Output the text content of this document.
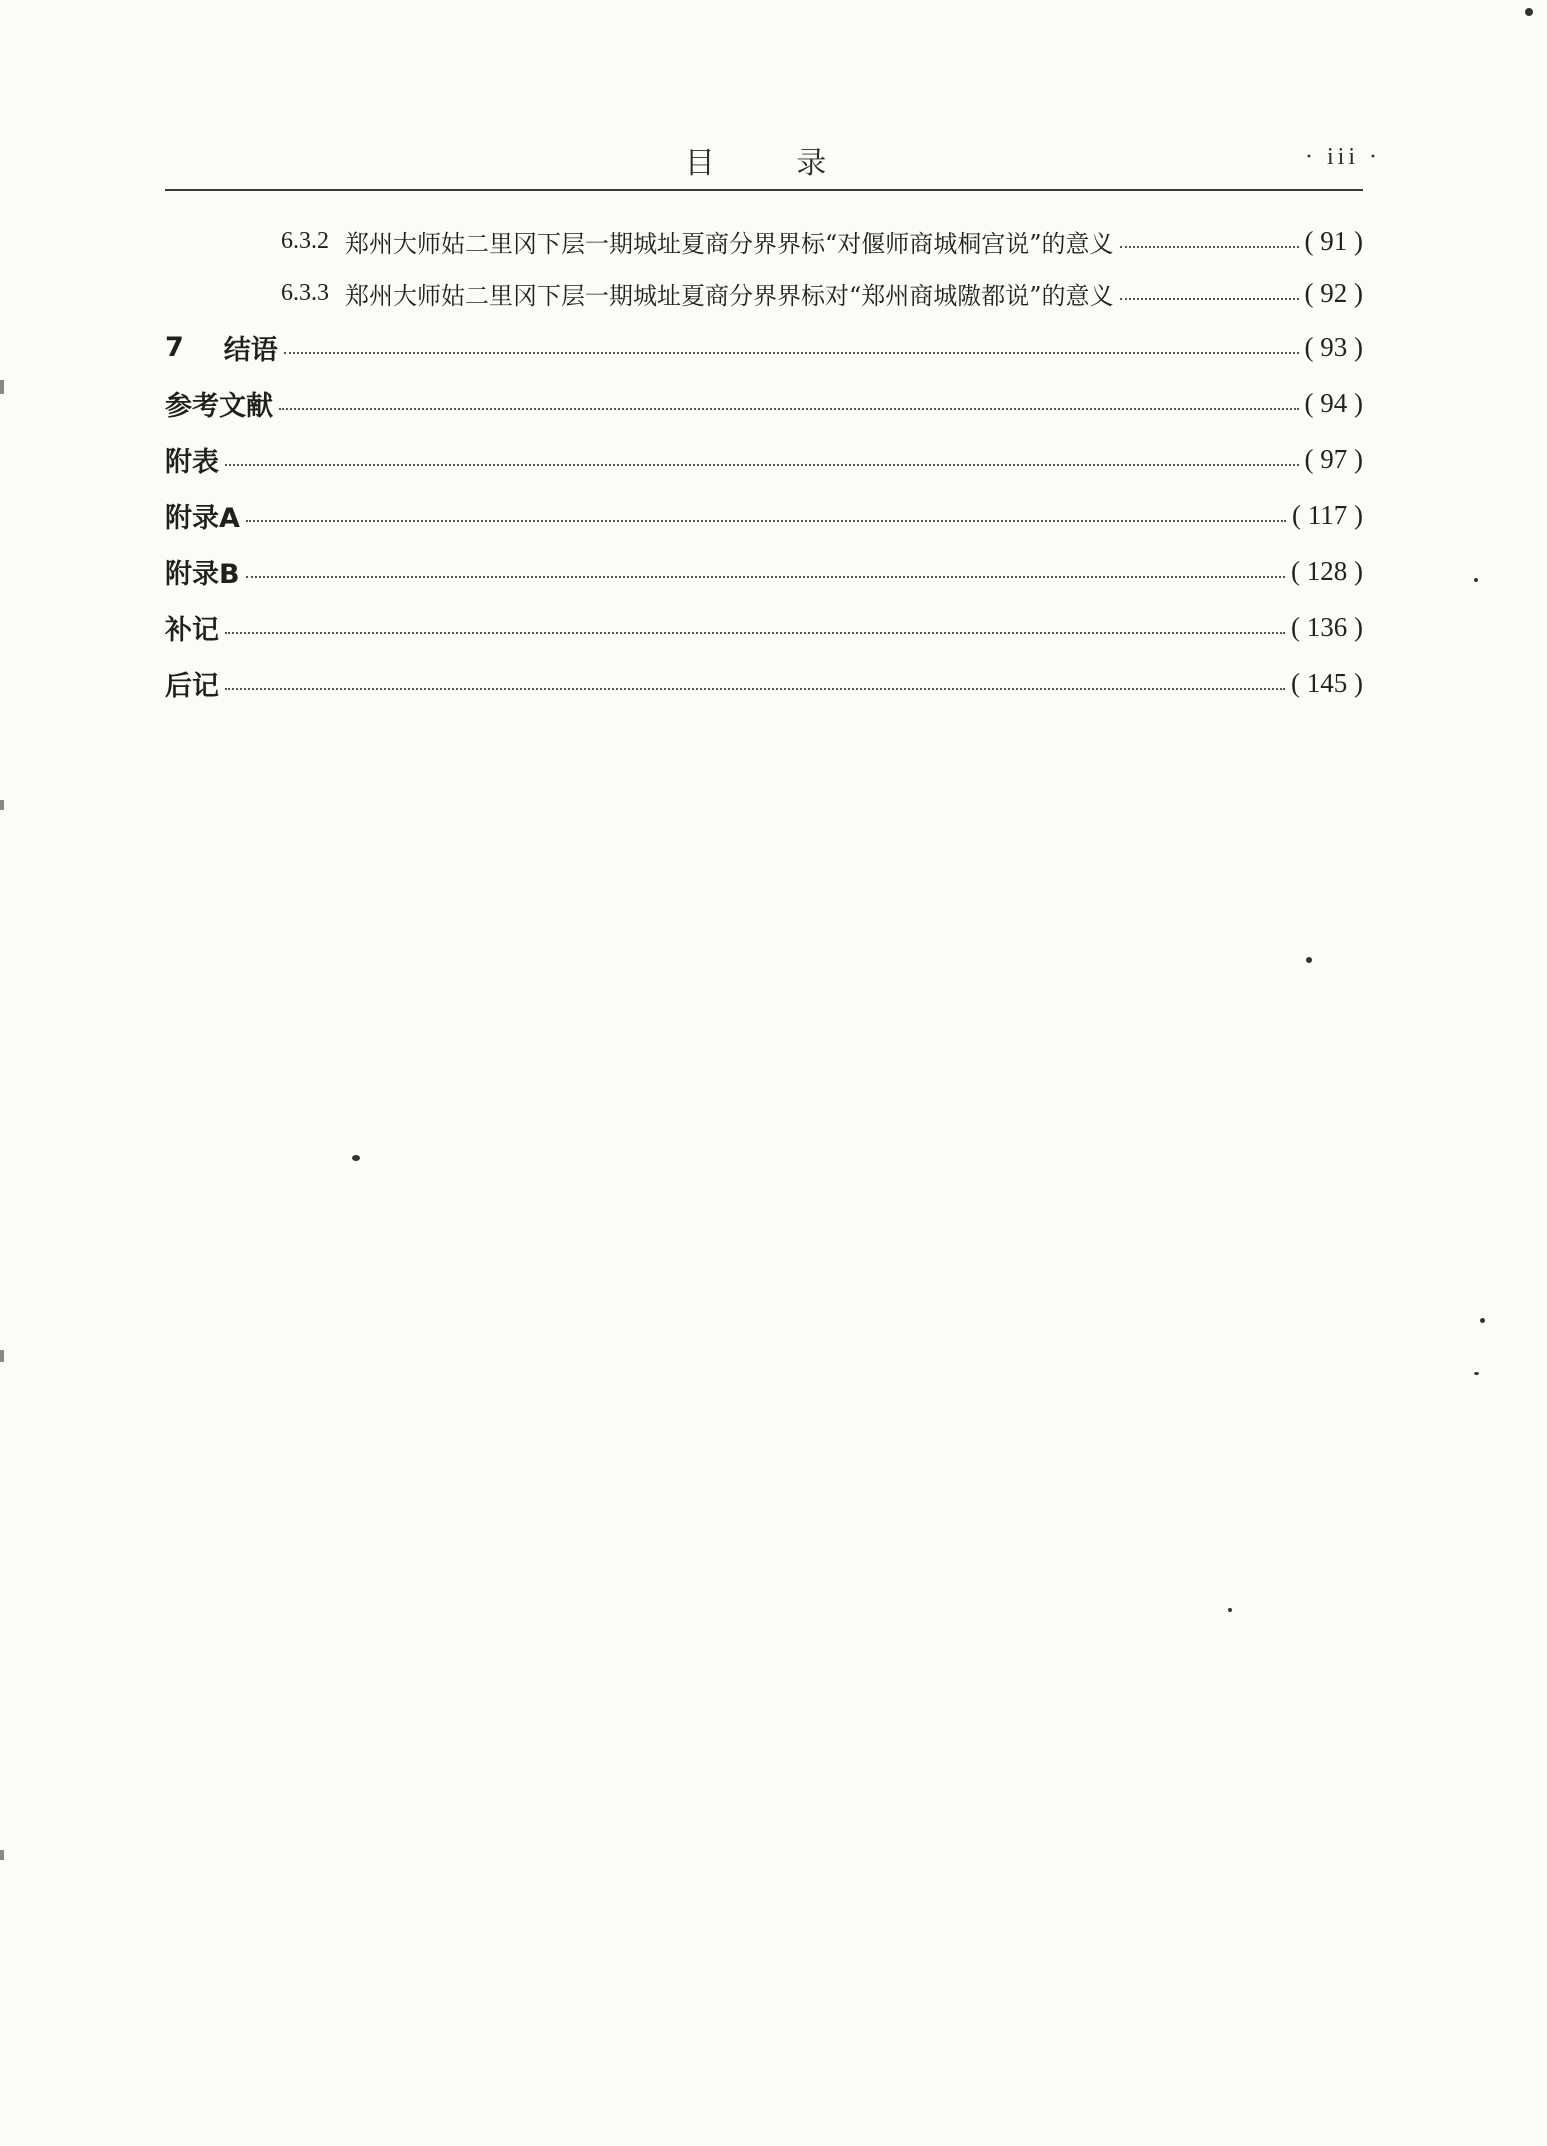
目 录	· iii ·
6.3.2 郑州大师姑二里冈下层一期城址夏商分界界标“对偃师商城桐宫说”的意义	( 91 )
6.3.3 郑州大师姑二里冈下层一期城址夏商分界界标对“郑州商城隞都说”的意义	( 92 )
7 结语	( 93 )
参考文献	( 94 )
附表	( 97 )
附录A	( 117 )
附录B	( 128 )
补记	( 136 )
后记	( 145 )
